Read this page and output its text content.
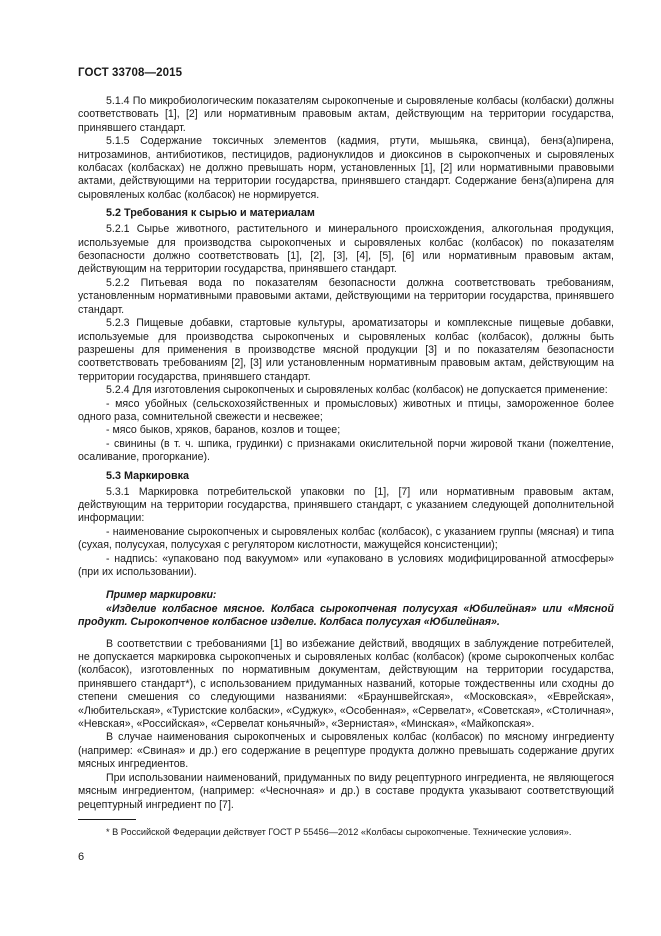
ГОСТ 33708—2015

5.1.4 По микробиологическим показателям сырокопченые и сыровяленые колбасы (колбаски) должны соответствовать [1], [2] или нормативным правовым актам, действующим на территории государства, принявшего стандарт.

5.1.5 Содержание токсичных элементов (кадмия, ртути, мышьяка, свинца), бенз(а)пирена, нитрозаминов, антибиотиков, пестицидов, радионуклидов и диоксинов в сырокопченых и сыровяленых колбасах (колбасках) не должно превышать норм, установленных [1], [2] или нормативными правовыми актами, действующими на территории государства, принявшего стандарт. Содержание бенз(а)пирена для сыровяленых колбас (колбасок) не нормируется.

5.2 Требования к сырью и материалам

5.2.1 Сырье животного, растительного и минерального происхождения, алкогольная продукция, используемые для производства сырокопченых и сыровяленых колбас (колбасок) по показателям безопасности должно соответствовать [1], [2], [3], [4], [5], [6] или нормативным правовым актам, действующим на территории государства, принявшего стандарт.

5.2.2 Питьевая вода по показателям безопасности должна соответствовать требованиям, установленным нормативными правовыми актами, действующими на территории государства, принявшего стандарт.

5.2.3 Пищевые добавки, стартовые культуры, ароматизаторы и комплексные пищевые добавки, используемые для производства сырокопченых и сыровяленых колбас (колбасок), должны быть разрешены для применения в производстве мясной продукции [3] и по показателям безопасности соответствовать требованиям [2], [3] или установленным нормативным правовым актам, действующим на территории государства, принявшего стандарт.

5.2.4 Для изготовления сырокопченых и сыровяленых колбас (колбасок) не допускается применение:

- мясо убойных (сельскохозяйственных и промысловых) животных и птицы, замороженное более одного раза, сомнительной свежести и несвежее;

- мясо быков, хряков, баранов, козлов и тощее;

- свинины (в т. ч. шпика, грудинки) с признаками окислительной порчи жировой ткани (пожелтение, осаливание, прогоркание).

5.3 Маркировка

5.3.1 Маркировка потребительской упаковки по [1], [7] или нормативным правовым актам, действующим на территории государства, принявшего стандарт, с указанием следующей дополнительной информации:

- наименование сырокопченых и сыровяленых колбас (колбасок), с указанием группы (мясная) и типа (сухая, полусухая, полусухая с регулятором кислотности, мажущейся консистенции);

- надпись: «упаковано под вакуумом» или «упаковано в условиях модифицированной атмосферы» (при их использовании).

Пример маркировки:

«Изделие колбасное мясное. Колбаса сырокопченая полусухая «Юбилейная» или «Мясной продукт. Сырокопченое колбасное изделие. Колбаса полусухая «Юбилейная».

В соответствии с требованиями [1] во избежание действий, вводящих в заблуждение потребителей, не допускается маркировка сырокопченых и сыровяленых колбас (колбасок) (кроме сырокопченых колбас (колбасок), изготовленных по нормативным документам, действующим на территории государства, принявшего стандарт*), с использованием придуманных названий, которые тождественны или сходны до степени смешения со следующими названиями: «Брауншвейгская», «Московская», «Еврейская», «Любительская», «Туристские колбаски», «Суджук», «Особенная», «Сервелат», «Советская», «Столичная», «Невская», «Российская», «Сервелат коньячный», «Зернистая», «Минская», «Майкопская».

В случае наименования сырокопченых и сыровяленых колбас (колбасок) по мясному ингредиенту (например: «Свиная» и др.) его содержание в рецептуре продукта должно превышать содержание других мясных ингредиентов.

При использовании наименований, придуманных по виду рецептурного ингредиента, не являющегося мясным ингредиентом, (например: «Чесночная» и др.) в составе продукта указывают соответствующий рецептурный ингредиент по [7].

* В Российской Федерации действует ГОСТ Р 55456—2012 «Колбасы сырокопченые. Технические условия».
6
